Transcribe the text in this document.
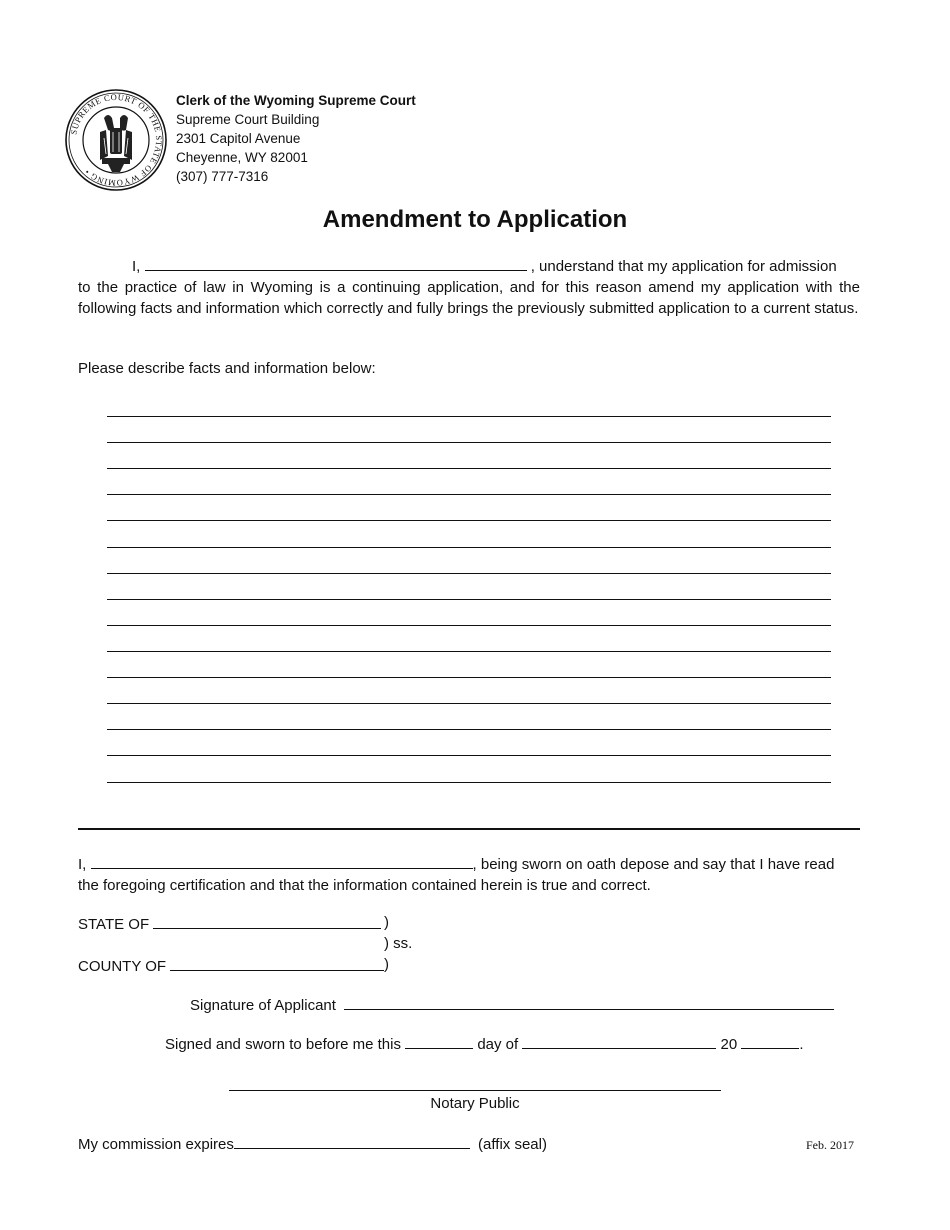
SUPREME COURT OF THE STATE OF WYOMING •
Clerk of the Wyoming Supreme Court
Supreme Court Building
2301 Capitol Avenue
Cheyenne, WY 82001
(307) 777-7316
Amendment to Application
I,	, understand that my application for admission
to the practice of law in Wyoming is a continuing application, and for this reason amend my application with the following facts and information which correctly and fully brings the previously submitted application to a current status.
Please describe facts and information below:
I,	, being sworn on oath depose and say that I have read
the foregoing certification and that the information contained herein is true and correct.
STATE OF	)
) ss.
COUNTY OF	)
Signature of Applicant
Signed and sworn to before me this	day of	20	.
Notary Public
My commission expires	(affix seal)	Feb. 2017
